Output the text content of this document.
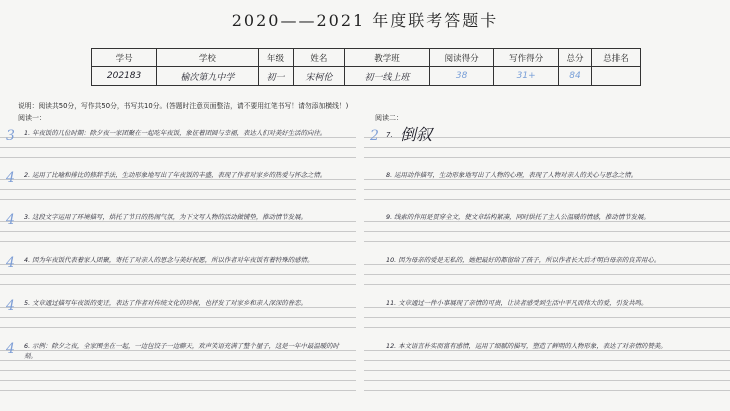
2020——2021 年度联考答题卡
学号	学校	年级	姓名	教学班	阅读得分	写作得分	总分	总排名
202183	榆次第九中学	初一	宋柯伦	初一线上班	38	31+	84	
说明：阅读共50分，写作共50分，书写共10分。(答题时注意页面整洁，请不要用红笔书写！请勿添加横线！)
阅读一：	阅读二：
3 1. 年夜饭的几位时期：除夕夜一家团聚在一起吃年夜饭，象征着团圆与幸福，表达人们对美好生活的向往。
4 2. 运用了比喻和排比的修辞手法，生动形象地写出了年夜饭的丰盛，表现了作者对家乡的热爱与怀念之情。
4 3. 这段文字运用了环境描写，烘托了节日的热闹气氛，为下文写人物的活动做铺垫，推动情节发展。
4 4. 因为年夜饭代表着家人团聚，寄托了对亲人的思念与美好祝愿，所以作者对年夜饭有着特殊的感情。
4 5. 文章通过描写年夜饭的变迁，表达了作者对传统文化的珍视，也抒发了对家乡和亲人深深的眷恋。
4 6. 示例：除夕之夜，全家围坐在一起，一边包饺子一边聊天，欢声笑语充满了整个屋子，这是一年中最温暖的时刻。
2 7. 倒叙
8. 运用动作描写，生动形象地写出了人物的心理，表现了人物对亲人的关心与思念之情。
9. 线索的作用是贯穿全文，使文章结构紧凑，同时烘托了主人公温暖的情感，推动情节发展。
10. 因为母亲的爱是无私的，她把最好的都留给了孩子，所以作者长大后才明白母亲的良苦用心。
11. 文章通过一件小事展现了亲情的可贵，让读者感受到生活中平凡而伟大的爱，引发共鸣。
12. 本文语言朴实而富有感情，运用了细腻的描写，塑造了鲜明的人物形象，表达了对亲情的赞美。
